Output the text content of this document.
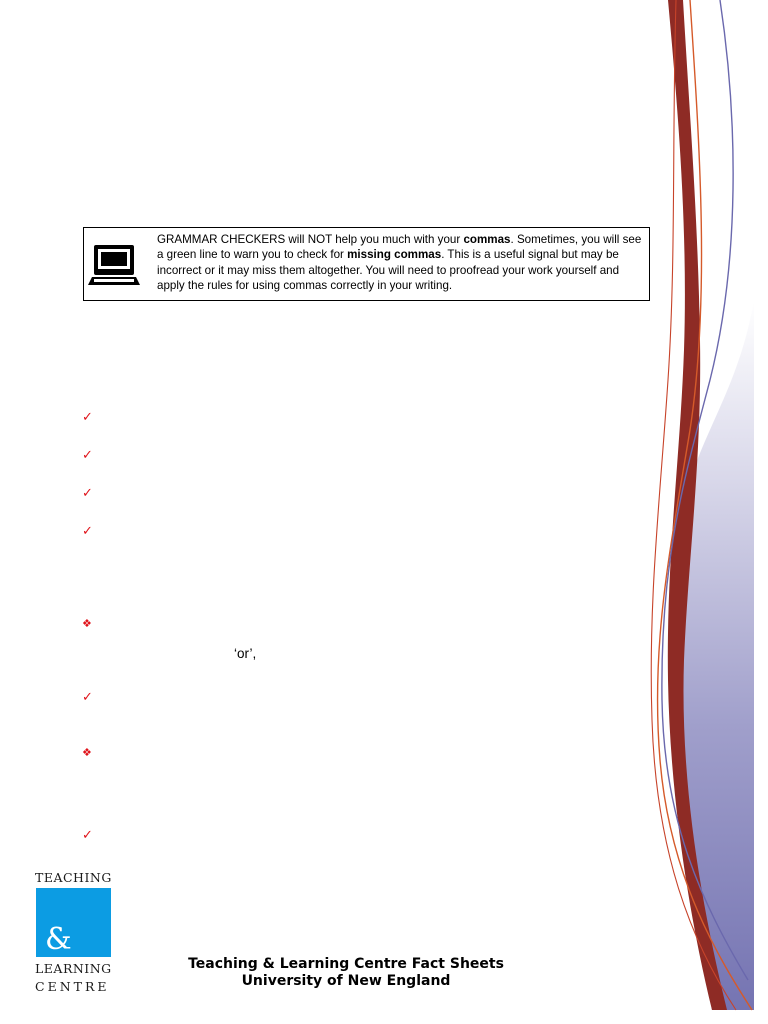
GRAMMAR CHECKERS will NOT help you much with your commas. Sometimes, you will see a green line to warn you to check for missing commas. This is a useful signal but may be incorrect or it may miss them altogether. You will need to proofread your work yourself and apply the rules for using commas correctly in your writing.
✓
✓
✓
✓
❖
✓
❖
✓
‘or’,
TEACHING
&
LEARNING
CENTRE
Teaching & Learning Centre Fact Sheets
University of New England
